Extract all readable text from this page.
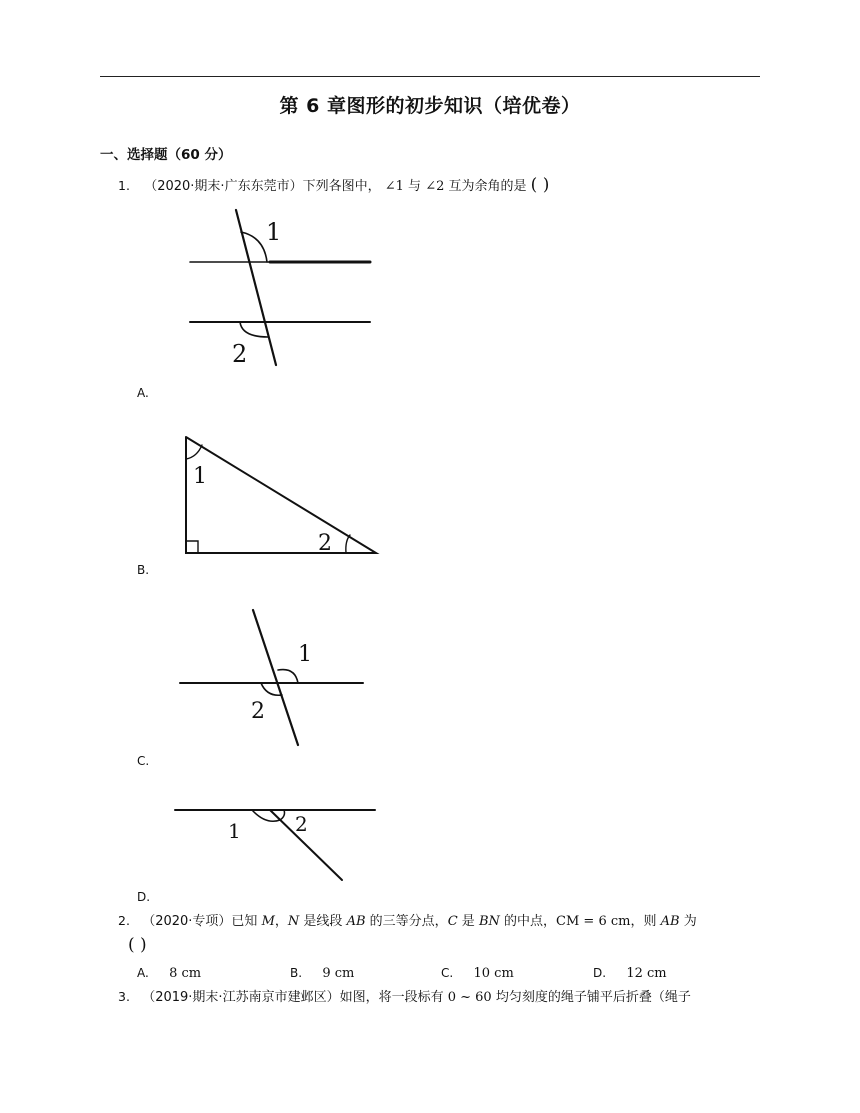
第 6 章图形的初步知识（培优卷）
一、选择题（60 分）
1. （2020·期末·广东东莞市）下列各图中， ∠1 与 ∠2 互为余角的是 ( )
1
2
A.
1
2
B.
1
2
C.
1	2
D.
2. （2020·专项）已知 M，N 是线段 AB 的三等分点，C 是 BN 的中点，CM = 6 cm，则 AB 为
( )
A. 8 cm	B. 9 cm	C. 10 cm	D. 12 cm
3. （2019·期末·江苏南京市建邺区）如图，将一段标有 0 ~ 60 均匀刻度的绳子铺平后折叠（绳子
